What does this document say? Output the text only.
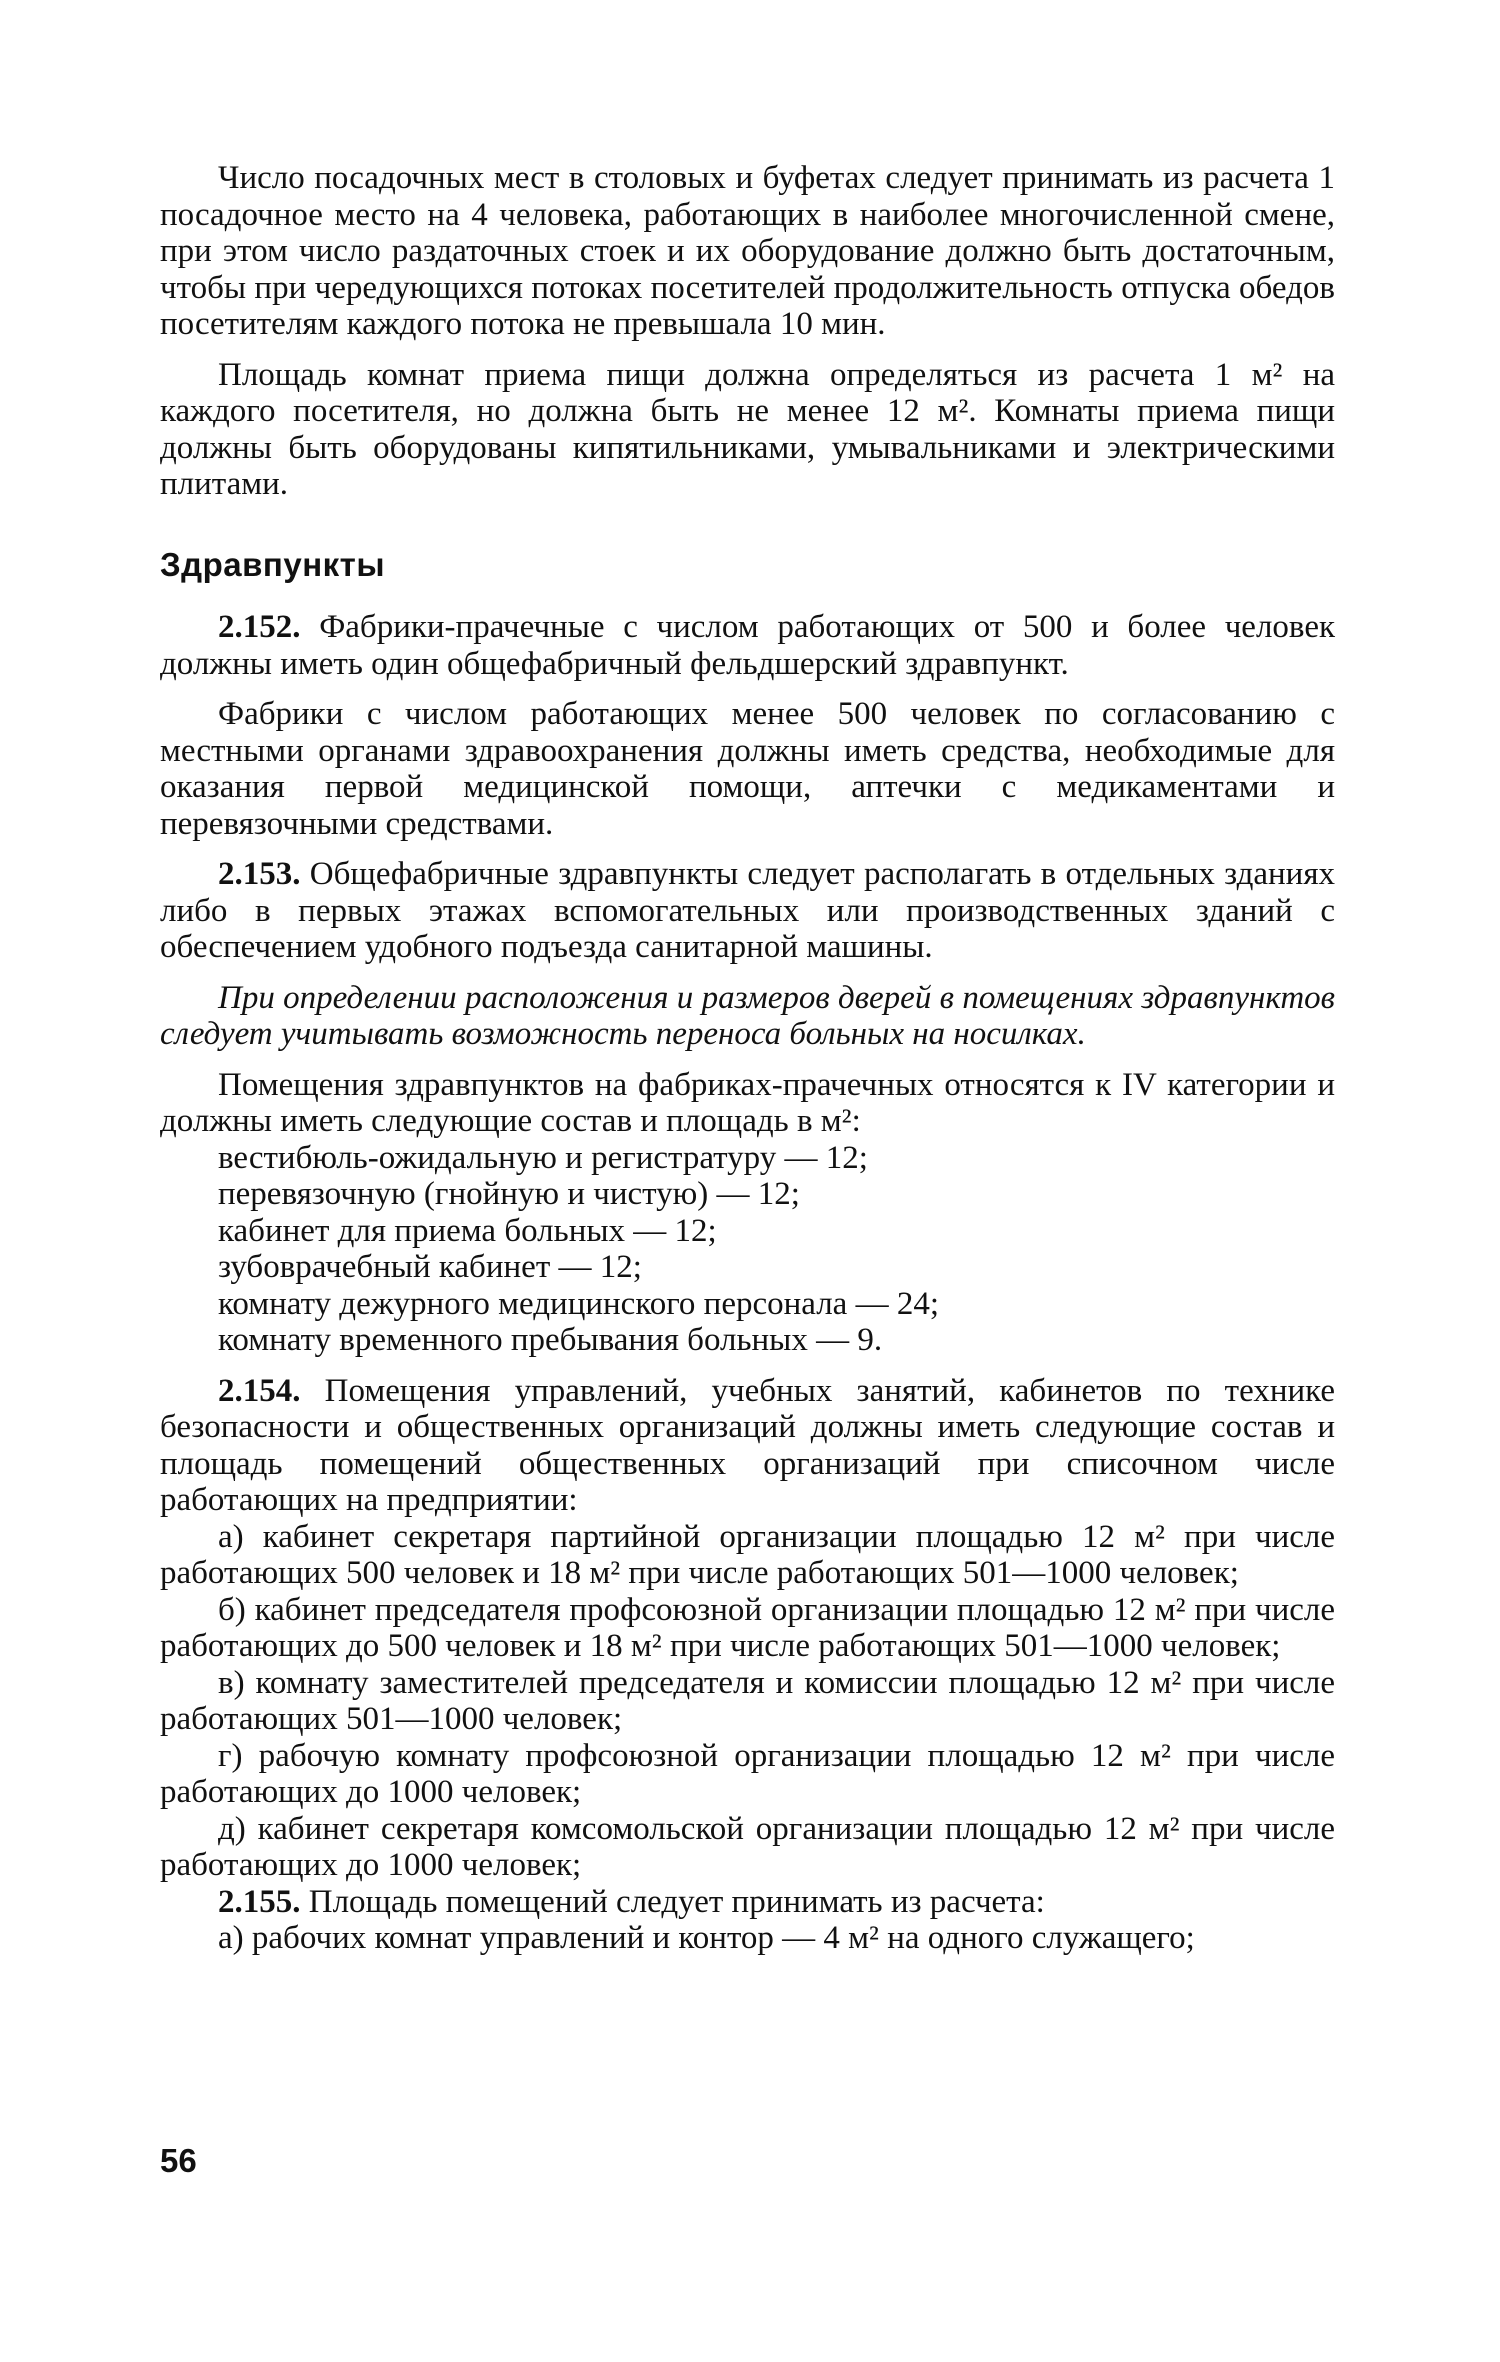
Число посадочных мест в столовых и буфетах следует принимать из расчета 1 посадочное место на 4 человека, работающих в наиболее многочисленной смене, при этом число раздаточных стоек и их оборудование должно быть достаточным, чтобы при чередующихся потоках посетителей продолжительность отпуска обедов посетителям каждого потока не превышала 10 мин.

Площадь комнат приема пищи должна определяться из расчета 1 м² на каждого посетителя, но должна быть не менее 12 м². Комнаты приема пищи должны быть оборудованы кипятильниками, умывальниками и электрическими плитами.

Здравпункты

2.152. Фабрики-прачечные с числом работающих от 500 и более человек должны иметь один общефабричный фельдшерский здравпункт.

Фабрики с числом работающих менее 500 человек по согласованию с местными органами здравоохранения должны иметь средства, необходимые для оказания первой медицинской помощи, аптечки с медикаментами и перевязочными средствами.

2.153. Общефабричные здравпункты следует располагать в отдельных зданиях либо в первых этажах вспомогательных или производственных зданий с обеспечением удобного подъезда санитарной машины.

При определении расположения и размеров дверей в помещениях здравпунктов следует учитывать возможность переноса больных на носилках.

Помещения здравпунктов на фабриках-прачечных относятся к IV категории и должны иметь следующие состав и площадь в м²:

вестибюль-ожидальную и регистратуру — 12;
перевязочную (гнойную и чистую) — 12;
кабинет для приема больных — 12;
зубоврачебный кабинет — 12;
комнату дежурного медицинского персонала — 24;
комнату временного пребывания больных — 9.

2.154. Помещения управлений, учебных занятий, кабинетов по технике безопасности и общественных организаций должны иметь следующие состав и площадь помещений общественных организаций при списочном числе работающих на предприятии:

а) кабинет секретаря партийной организации площадью 12 м² при числе работающих 500 человек и 18 м² при числе работающих 501—1000 человек;

б) кабинет председателя профсоюзной организации площадью 12 м² при числе работающих до 500 человек и 18 м² при числе работающих 501—1000 человек;

в) комнату заместителей председателя и комиссии площадью 12 м² при числе работающих 501—1000 человек;

г) рабочую комнату профсоюзной организации площадью 12 м² при числе работающих до 1000 человек;

д) кабинет секретаря комсомольской организации площадью 12 м² при числе работающих до 1000 человек;

2.155. Площадь помещений следует принимать из расчета:

а) рабочих комнат управлений и контор — 4 м² на одного служащего;

56
